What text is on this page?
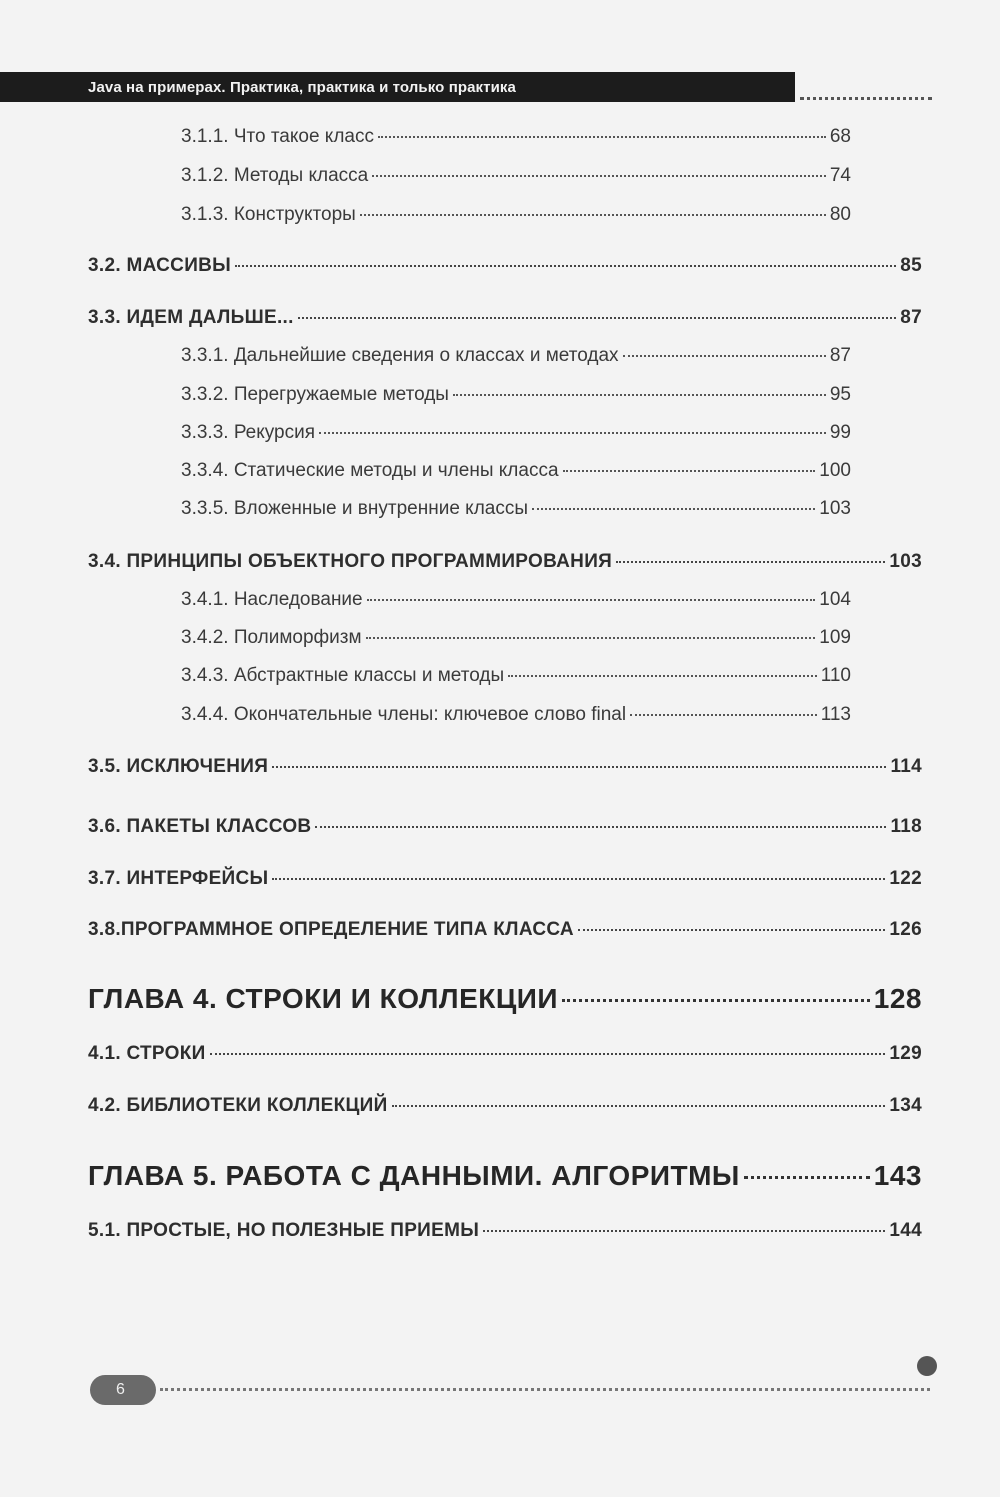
Java на примерах. Практика, практика и только практика
3.1.1. Что такое класс	68
3.1.2. Методы класса	74
3.1.3. Конструкторы	80
3.2. МАССИВЫ	85
3.3. ИДЕМ ДАЛЬШЕ...	87
3.3.1. Дальнейшие сведения о классах и методах	87
3.3.2. Перегружаемые методы	95
3.3.3. Рекурсия	99
3.3.4. Статические методы и члены класса	100
3.3.5. Вложенные и внутренние классы	103
3.4. ПРИНЦИПЫ ОБЪЕКТНОГО ПРОГРАММИРОВАНИЯ	103
3.4.1. Наследование	104
3.4.2. Полиморфизм	109
3.4.3. Абстрактные классы и методы	110
3.4.4. Окончательные члены: ключевое слово final	113
3.5. ИСКЛЮЧЕНИЯ	114
3.6. ПАКЕТЫ КЛАССОВ	118
3.7. ИНТЕРФЕЙСЫ	122
3.8.ПРОГРАММНОЕ ОПРЕДЕЛЕНИЕ ТИПА КЛАССА	126
ГЛАВА 4. СТРОКИ И КОЛЛЕКЦИИ	128
4.1. СТРОКИ	129
4.2. БИБЛИОТЕКИ КОЛЛЕКЦИЙ	134
ГЛАВА 5. РАБОТА С ДАННЫМИ. АЛГОРИТМЫ	143
5.1. ПРОСТЫЕ, НО ПОЛЕЗНЫЕ ПРИЕМЫ	144
6
